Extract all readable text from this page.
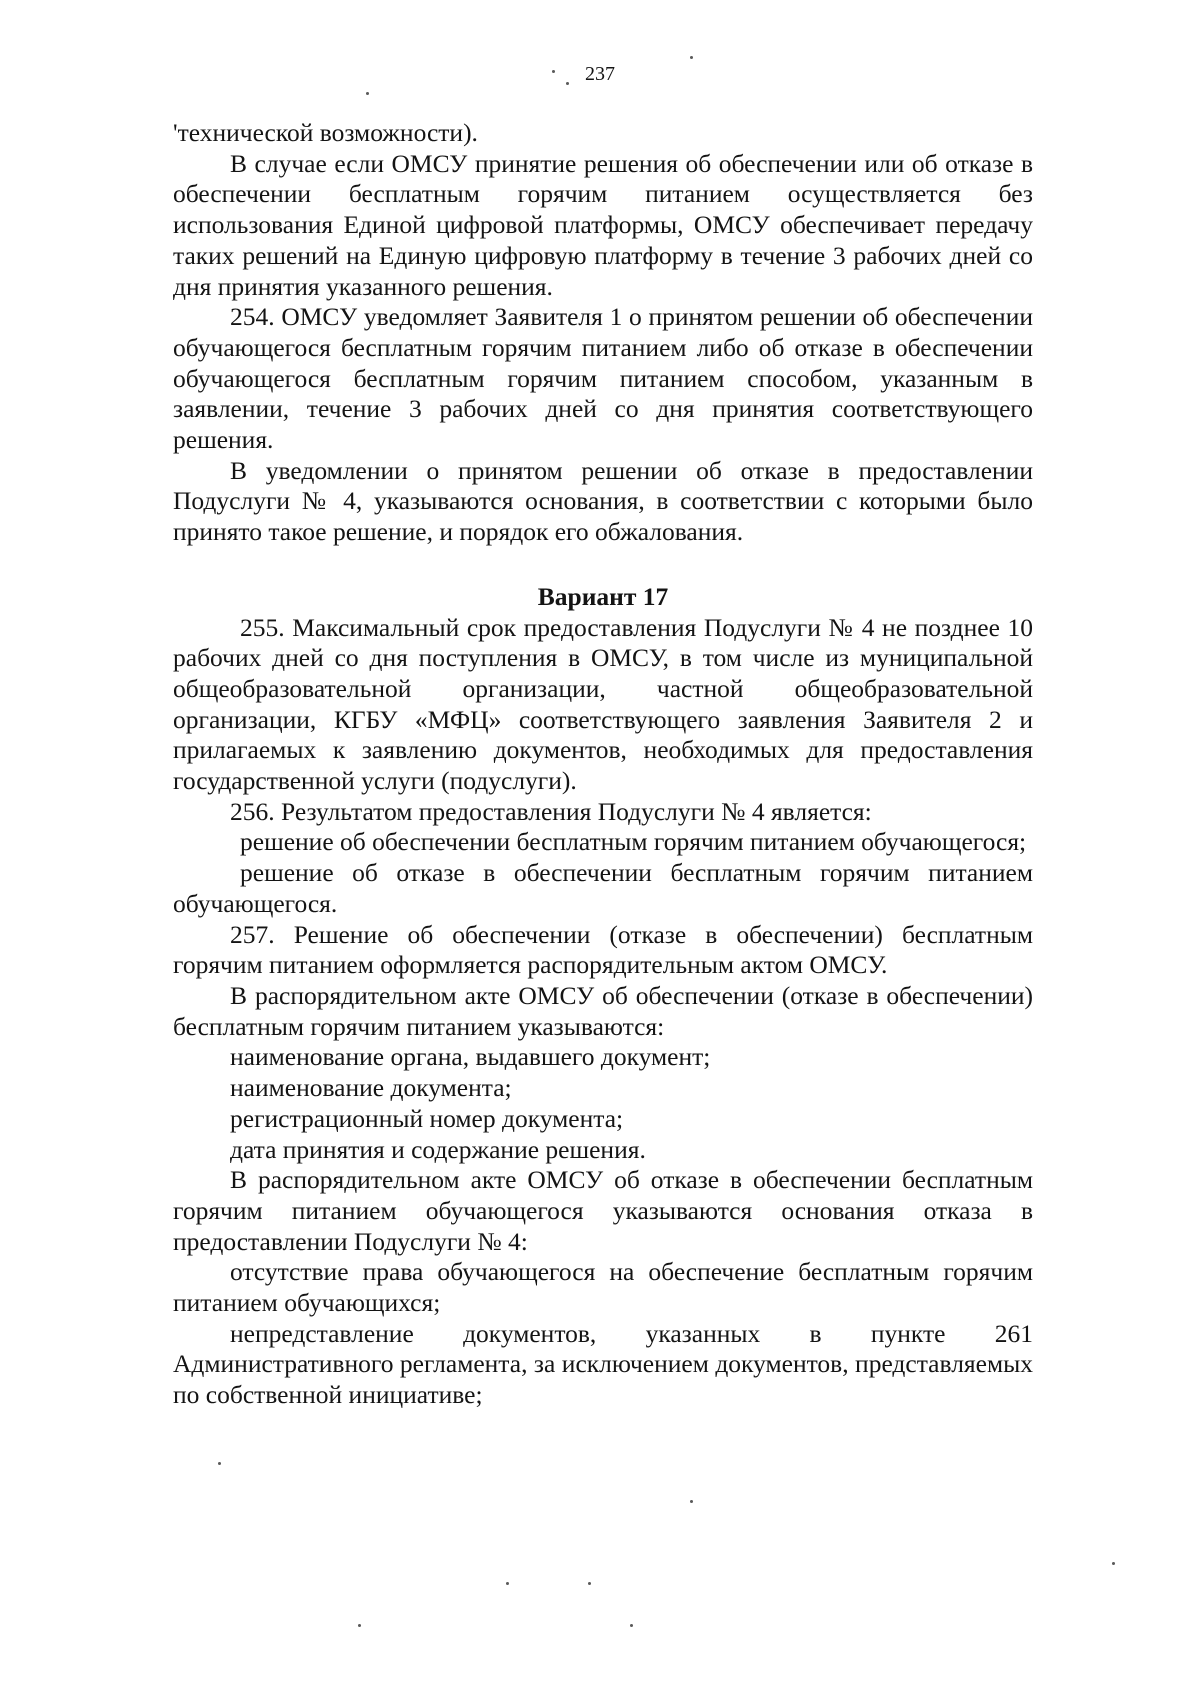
237

'технической возможности).

В случае если ОМСУ принятие решения об обеспечении или об отказе в обеспечении бесплатным горячим питанием осуществляется без использования Единой цифровой платформы, ОМСУ обеспечивает передачу таких решений на Единую цифровую платформу в течение 3 рабочих дней со дня принятия указанного решения.

254. ОМСУ уведомляет Заявителя 1 о принятом решении об обеспечении обучающегося бесплатным горячим питанием либо об отказе в обеспечении обучающегося бесплатным горячим питанием способом, указанным в заявлении, течение 3 рабочих дней со дня принятия соответствующего решения.

В уведомлении о принятом решении об отказе в предоставлении Подуслуги № 4, указываются основания, в соответствии с которыми было принято такое решение, и порядок его обжалования.

Вариант 17

255. Максимальный срок предоставления Подуслуги № 4 не позднее 10 рабочих дней со дня поступления в ОМСУ, в том числе из муниципальной общеобразовательной организации, частной общеобразовательной организации, КГБУ «МФЦ» соответствующего заявления Заявителя 2 и прилагаемых к заявлению документов, необходимых для предоставления государственной услуги (подуслуги).

256. Результатом предоставления Подуслуги № 4 является:

решение об обеспечении бесплатным горячим питанием обучающегося;

решение об отказе в обеспечении бесплатным горячим питанием обучающегося.

257. Решение об обеспечении (отказе в обеспечении) бесплатным горячим питанием оформляется распорядительным актом ОМСУ.

В распорядительном акте ОМСУ об обеспечении (отказе в обеспечении) бесплатным горячим питанием указываются:

наименование органа, выдавшего документ;

наименование документа;

регистрационный номер документа;

дата принятия и содержание решения.

В распорядительном акте ОМСУ об отказе в обеспечении бесплатным горячим питанием обучающегося указываются основания отказа в предоставлении Подуслуги № 4:

отсутствие права обучающегося на обеспечение бесплатным горячим питанием обучающихся;

непредставление документов, указанных в пункте 261 Административного регламента, за исключением документов, представляемых по собственной инициативе;
